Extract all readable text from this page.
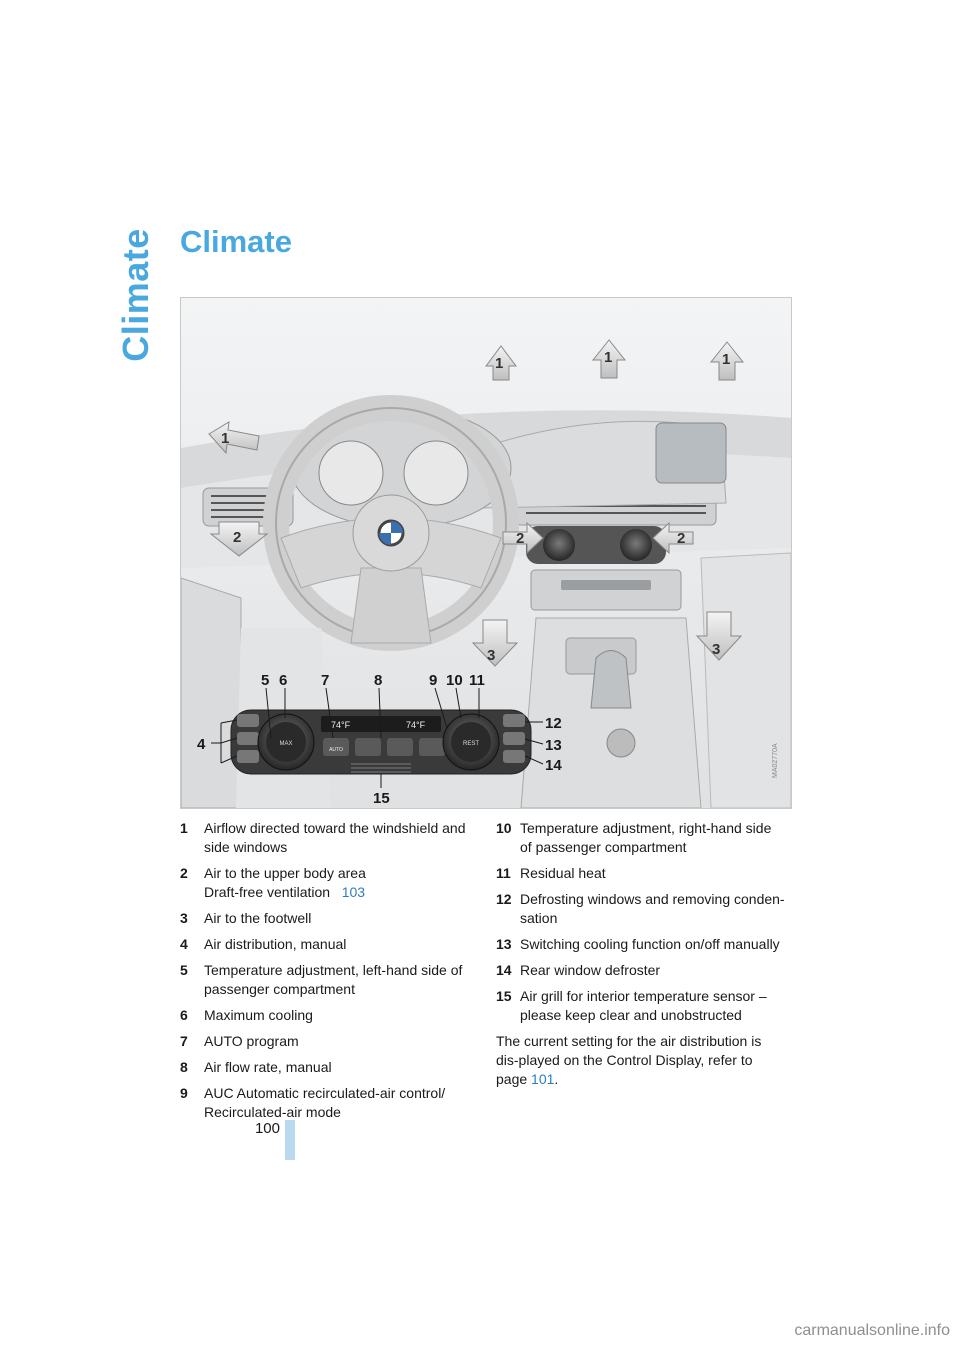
Climate Climate
1	1	1
1
2	2	2
3	3
MAX
74°F	74°F
AUTO
REST
4
5 6 7	8	9 10 11
12
13
14
15
MA02770A
1 Airflow directed toward the windshield and side windows
2 Air to the upper body area
Draft-free ventilation 103
3 Air to the footwell
4 Air distribution, manual
5 Temperature adjustment, left-hand side of passenger compartment
6 Maximum cooling
7 AUTO program
8 Air flow rate, manual
9 AUC Automatic recirculated-air control/ Recirculated-air mode
10 Temperature adjustment, right-hand side of passenger compartment
11 Residual heat
12 Defrosting windows and removing conden-sation
13 Switching cooling function on/off manually
14 Rear window defroster
15 Air grill for interior temperature sensor – please keep clear and unobstructed
The current setting for the air distribution is dis-played on the Control Display, refer to page 101.
100
carmanualsonline.info
